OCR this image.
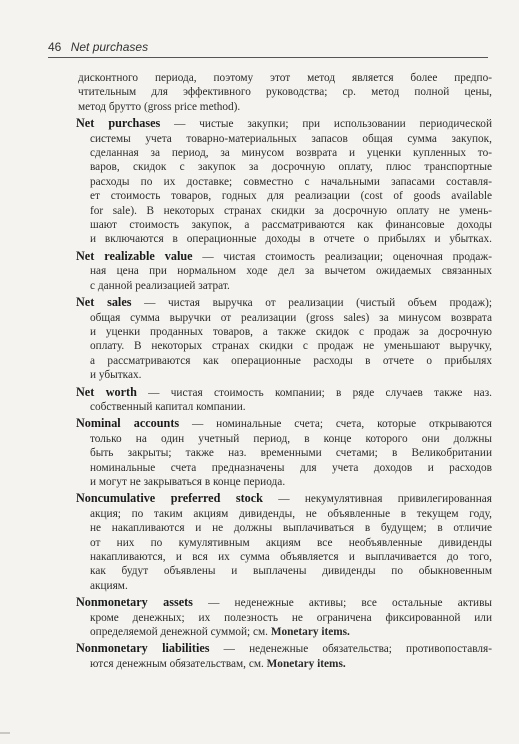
46 Net purchases
дисконтного периода, поэтому этот метод является более предпо-
чтительным для эффективного руководства; ср. метод полной цены,
метод брутто (gross price method).
Net purchases — чистые закупки; при использовании периодической
системы учета товарно-материальных запасов общая сумма закупок,
сделанная за период, за минусом возврата и уценки купленных то-
варов, скидок с закупок за досрочную оплату, плюс транспортные
расходы по их доставке; совместно с начальными запасами составля-
ет стоимость товаров, годных для реализации (cost of goods available
for sale). В некоторых странах скидки за досрочную оплату не умень-
шают стоимость закупок, а рассматриваются как финансовые доходы
и включаются в операционные доходы в отчете о прибылях и убытках.
Net realizable value — чистая стоимость реализации; оценочная продаж-
ная цена при нормальном ходе дел за вычетом ожидаемых связанных
с данной реализацией затрат.
Net sales — чистая выручка от реализации (чистый объем продаж);
общая сумма выручки от реализации (gross sales) за минусом возврата
и уценки проданных товаров, а также скидок с продаж за досрочную
оплату. В некоторых странах скидки с продаж не уменьшают выручку,
а рассматриваются как операционные расходы в отчете о прибылях
и убытках.
Net worth — чистая стоимость компании; в ряде случаев также наз.
собственный капитал компании.
Nominal accounts — номинальные счета; счета, которые открываются
только на один учетный период, в конце которого они должны
быть закрыты; также наз. временными счетами; в Великобритании
номинальные счета предназначены для учета доходов и расходов
и могут не закрываться в конце периода.
Noncumulative preferred stock — некумулятивная привилегированная
акция; по таким акциям дивиденды, не объявленные в текущем году,
не накапливаются и не должны выплачиваться в будущем; в отличие
от них по кумулятивным акциям все необъявленные дивиденды
накапливаются, и вся их сумма объявляется и выплачивается до того,
как будут объявлены и выплачены дивиденды по обыкновенным
акциям.
Nonmonetary assets — неденежные активы; все остальные активы
кроме денежных; их полезность не ограничена фиксированной или
определяемой денежной суммой; см. Monetary items.
Nonmonetary liabilities — неденежные обязательства; противопоставля-
ются денежным обязательствам, см. Monetary items.
